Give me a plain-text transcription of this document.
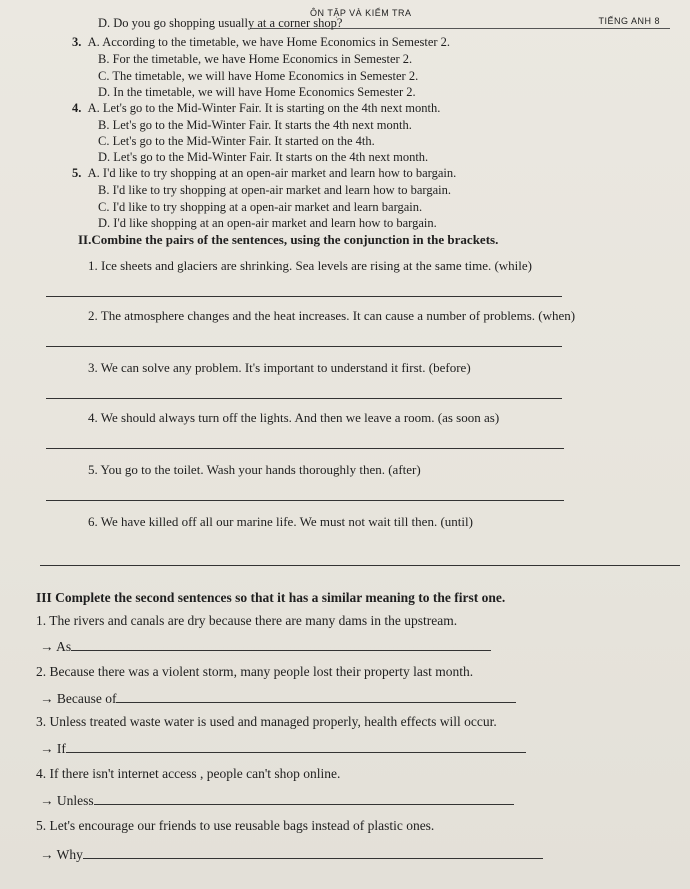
ÔN TẬP VÀ KIỂM TRA
TIẾNG ANH 8
D. Do you go shopping usually at a corner shop?
3. A. According to the timetable, we have Home Economics in Semester 2.
B. For the timetable, we have Home Economics in Semester 2.
C. The timetable, we will have Home Economics in Semester 2.
D. In the timetable, we will have Home Economics Semester 2.
4. A. Let's go to the Mid-Winter Fair. It is starting on the 4th next month.
B. Let's go to the Mid-Winter Fair. It starts the 4th next month.
C. Let's go to the Mid-Winter Fair. It started on the 4th.
D. Let's go to the Mid-Winter Fair. It starts on the 4th next month.
5. A. I'd like to try shopping at an open-air market and learn how to bargain.
B. I'd like to try shopping at open-air market and learn how to bargain.
C. I'd like to try shopping at a open-air market and learn bargain.
D. I'd like shopping at an open-air market and learn how to bargain.
II.Combine the pairs of the sentences, using the conjunction in the brackets.
1. Ice sheets and glaciers are shrinking. Sea levels are rising at the same time. (while)
2. The atmosphere changes and the heat increases. It can cause a number of problems. (when)
3. We can solve any problem. It's important to understand it first. (before)
4. We should always turn off the lights. And then we leave a room. (as soon as)
5. You go to the toilet. Wash your hands thoroughly then. (after)
6. We have killed off all our marine life. We must not wait till then. (until)
III Complete the second sentences so that it has a similar meaning to the first one.
1. The rivers and canals are dry because there are many dams in the upstream.
→ As
2. Because there was a violent storm, many people lost their property last month.
→ Because of
3. Unless treated waste water is used and managed properly, health effects will occur.
→ If
4. If there isn't internet access , people can't shop online.
→ Unless
5. Let's encourage our friends to use reusable bags instead of plastic ones.
→ Why
